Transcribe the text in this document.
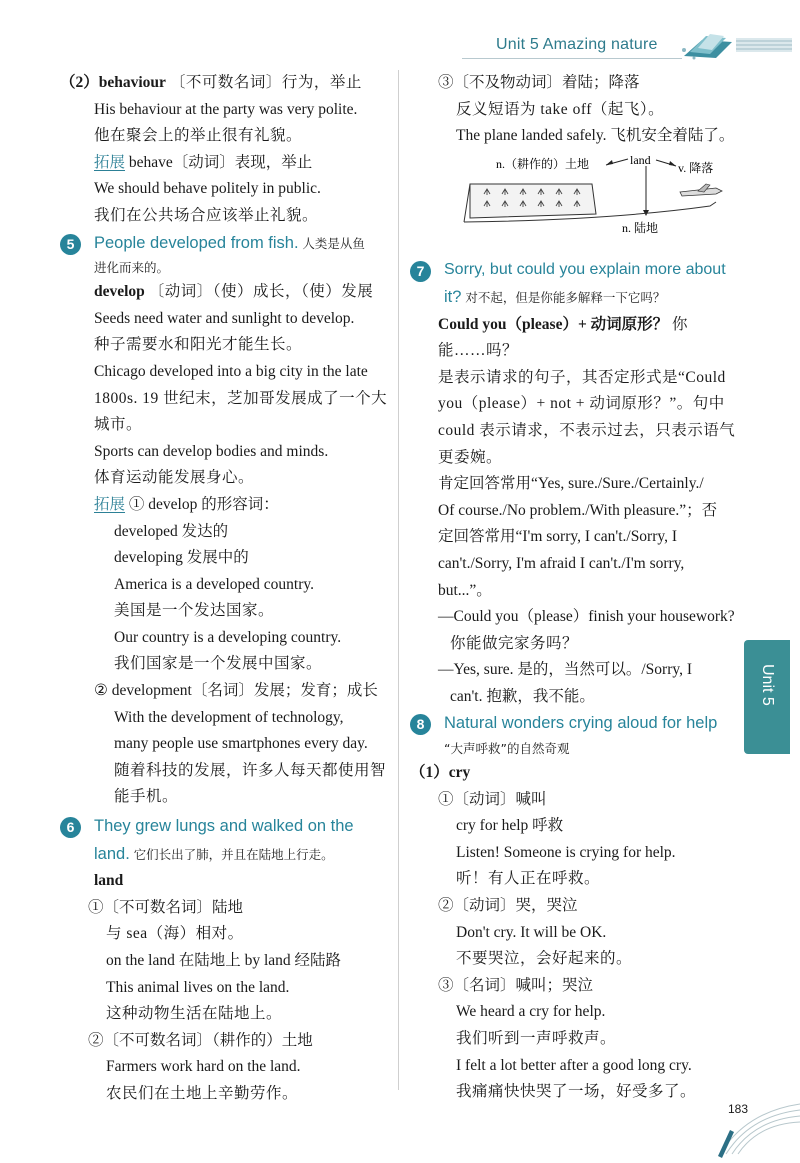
Unit 5 Amazing nature
（2）behaviour 〔不可数名词〕行为，举止
His behaviour at the party was very polite.
他在聚会上的举止很有礼貌。
拓展 behave〔动词〕表现，举止
We should behave politely in public.
我们在公共场合应该举止礼貌。
5	People developed from fish. 人类是从鱼
进化而来的。
develop 〔动词〕（使）成长，（使）发展
Seeds need water and sunlight to develop.
种子需要水和阳光才能生长。
Chicago developed into a big city in the late
1800s. 19 世纪末，芝加哥发展成了一个大
城市。
Sports can develop bodies and minds.
体育运动能发展身心。
拓展 ① develop 的形容词：
developed 发达的
developing 发展中的
America is a developed country.
美国是一个发达国家。
Our country is a developing country.
我们国家是一个发展中国家。
② development〔名词〕发展；发育；成长
With the development of technology,
many people use smartphones every day.
随着科技的发展，许多人每天都使用智
能手机。
6	They grew lungs and walked on the
land. 它们长出了肺，并且在陆地上行走。
land
①〔不可数名词〕陆地
与 sea（海）相对。
on the land 在陆地上 by land 经陆路
This animal lives on the land.
这种动物生活在陆地上。
②〔不可数名词〕（耕作的）土地
Farmers work hard on the land.
农民们在土地上辛勤劳作。
③〔不及物动词〕着陆；降落
反义短语为 take off（起飞）。
The plane landed safely. 飞机安全着陆了。
n.（耕作的）土地	land
v. 降落
n. 陆地
7	Sorry, but could you explain more about
it? 对不起，但是你能多解释一下它吗？
Could you（please）+ 动词原形？ 你
能……吗？
是表示请求的句子，其否定形式是“Could
you（please）+ not + 动词原形？”。句中
could 表示请求，不表示过去，只表示语气
更委婉。
肯定回答常用“Yes, sure./Sure./Certainly./
Of course./No problem./With pleasure.”；否
定回答常用“I'm sorry, I can't./Sorry, I
can't./Sorry, I'm afraid I can't./I'm sorry,
but...”。
—Could you（please）finish your housework?
你能做完家务吗？
—Yes, sure. 是的，当然可以。/Sorry, I
can't. 抱歉，我不能。
8	Natural wonders crying aloud for help
“大声呼救”的自然奇观
（1）cry
①〔动词〕喊叫
cry for help 呼救
Listen! Someone is crying for help.
听！有人正在呼救。
②〔动词〕哭，哭泣
Don't cry. It will be OK.
不要哭泣，会好起来的。
③〔名词〕喊叫；哭泣
We heard a cry for help.
我们听到一声呼救声。
I felt a lot better after a good long cry.
我痛痛快快哭了一场，好受多了。
Unit 5
183
